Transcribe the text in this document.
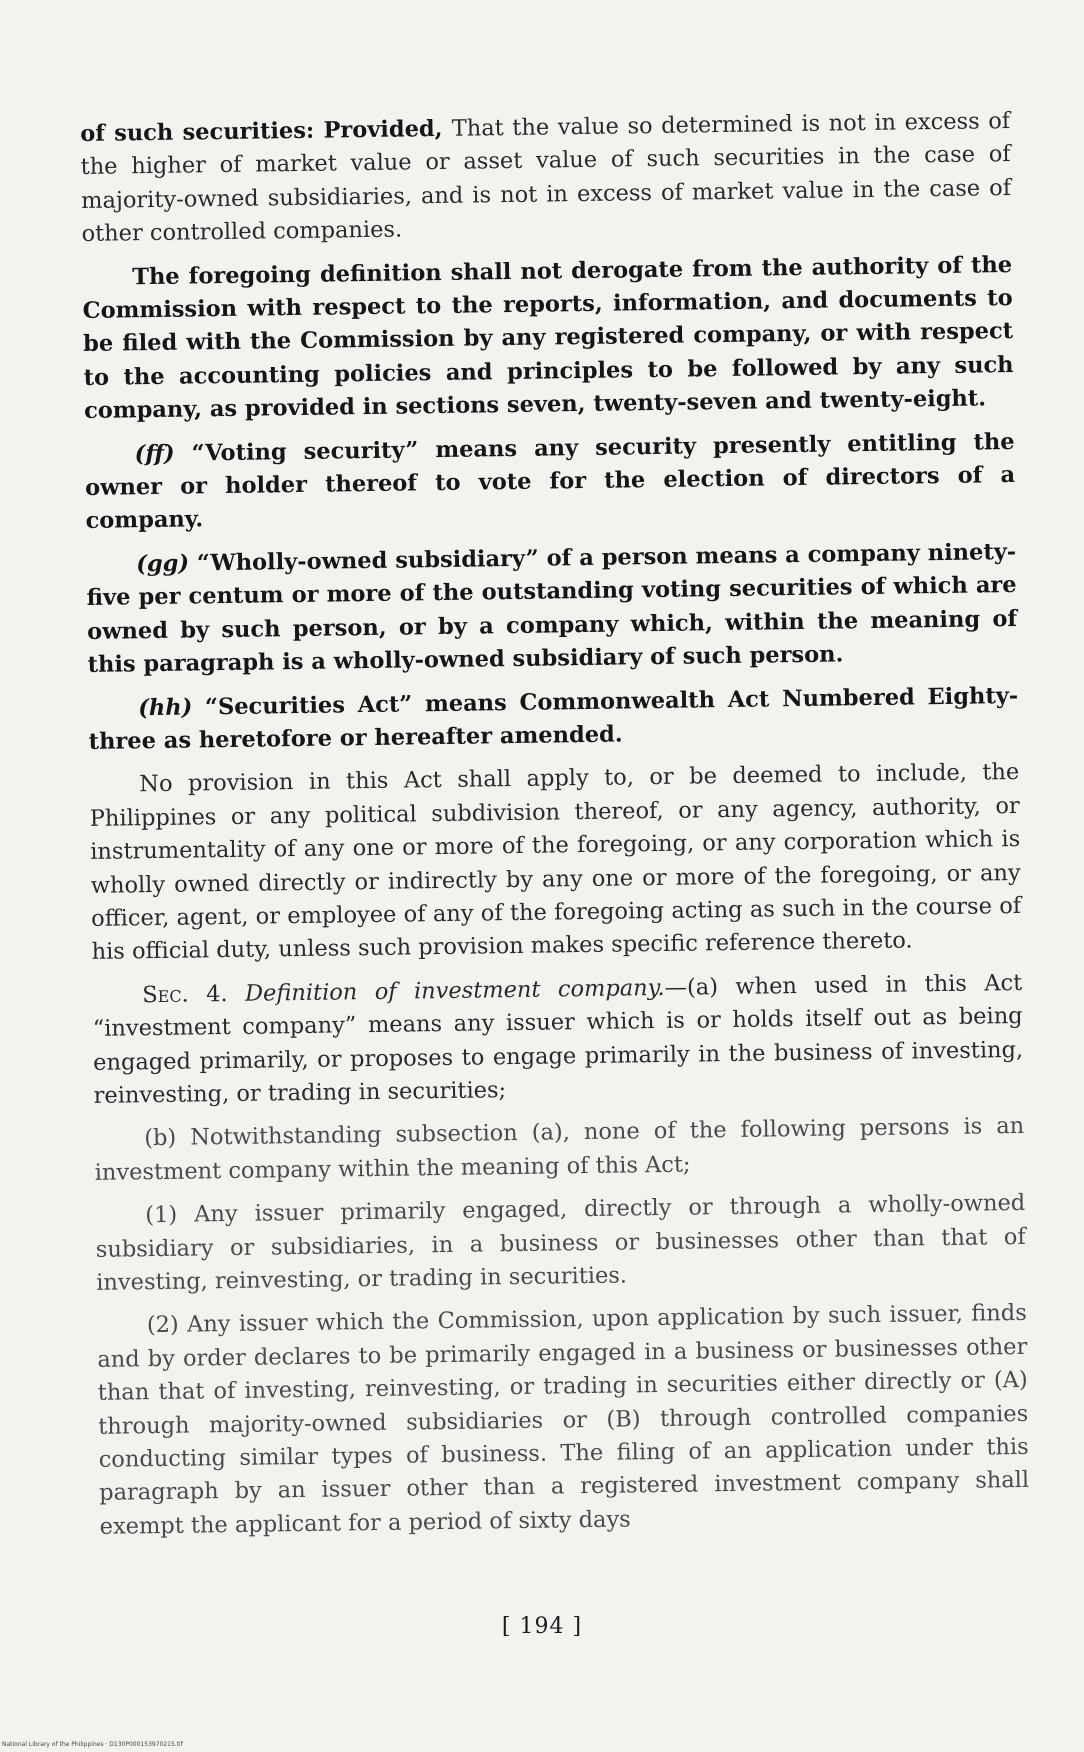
of such securities: Provided, That the value so determined is not in excess of the higher of market value or asset value of such securities in the case of majority-owned subsidiaries, and is not in excess of market value in the case of other controlled companies.

The foregoing definition shall not derogate from the authority of the Commission with respect to the reports, information, and documents to be filed with the Commission by any registered company, or with respect to the accounting policies and principles to be followed by any such company, as provided in sections seven, twenty-seven and twenty-eight.

(ff) “Voting security” means any security presently entitling the owner or holder thereof to vote for the election of directors of a company.

(gg) “Wholly-owned subsidiary” of a person means a company ninety-five per centum or more of the outstanding voting securities of which are owned by such person, or by a company which, within the meaning of this paragraph is a wholly-owned subsidiary of such person.

(hh) “Securities Act” means Commonwealth Act Numbered Eighty-three as heretofore or hereafter amended.

No provision in this Act shall apply to, or be deemed to include, the Philippines or any political subdivision thereof, or any agency, authority, or instrumentality of any one or more of the foregoing, or any corporation which is wholly owned directly or indirectly by any one or more of the foregoing, or any officer, agent, or employee of any of the foregoing acting as such in the course of his official duty, unless such provision makes specific reference thereto.

Sec. 4. Definition of investment company.—(a) when used in this Act “investment company” means any issuer which is or holds itself out as being engaged primarily, or proposes to engage primarily in the business of investing, reinvesting, or trading in securities;

(b) Notwithstanding subsection (a), none of the following persons is an investment company within the meaning of this Act;

(1) Any issuer primarily engaged, directly or through a wholly-owned subsidiary or subsidiaries, in a business or businesses other than that of investing, reinvesting, or trading in securities.

(2) Any issuer which the Commission, upon application by such issuer, finds and by order declares to be primarily engaged in a business or businesses other than that of investing, reinvesting, or trading in securities either directly or (A) through majority-owned subsidiaries or (B) through controlled companies conducting similar types of business. The filing of an application under this paragraph by an issuer other than a registered investment company shall exempt the applicant for a period of sixty days

[ 194 ]
National Library of the Philippines · D130P000153970215.tif
